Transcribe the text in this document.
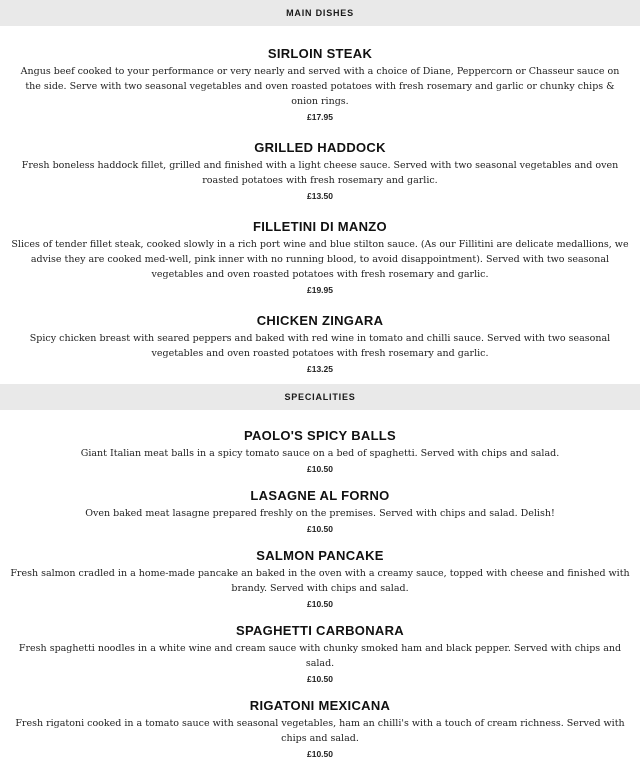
MAIN DISHES
SIRLOIN STEAK
Angus beef cooked to your performance or very nearly and served with a choice of Diane, Peppercorn or Chasseur sauce on the side. Serve with two seasonal vegetables and oven roasted potatoes with fresh rosemary and garlic or chunky chips & onion rings.
£17.95
GRILLED HADDOCK
Fresh boneless haddock fillet, grilled and finished with a light cheese sauce. Served with two seasonal vegetables and oven roasted potatoes with fresh rosemary and garlic.
£13.50
FILLETINI DI MANZO
Slices of tender fillet steak, cooked slowly in a rich port wine and blue stilton sauce. (As our Fillitini are delicate medallions, we advise they are cooked med-well, pink inner with no running blood, to avoid disappointment). Served with two seasonal vegetables and oven roasted potatoes with fresh rosemary and garlic.
£19.95
CHICKEN ZINGARA
Spicy chicken breast with seared peppers and baked with red wine in tomato and chilli sauce. Served with two seasonal vegetables and oven roasted potatoes with fresh rosemary and garlic.
£13.25
SPECIALITIES
PAOLO'S SPICY BALLS
Giant Italian meat balls in a spicy tomato sauce on a bed of spaghetti. Served with chips and salad.
£10.50
LASAGNE AL FORNO
Oven baked meat lasagne prepared freshly on the premises. Served with chips and salad. Delish!
£10.50
SALMON PANCAKE
Fresh salmon cradled in a home-made pancake an baked in the oven with a creamy sauce, topped with cheese and finished with brandy. Served with chips and salad.
£10.50
SPAGHETTI CARBONARA
Fresh spaghetti noodles in a white wine and cream sauce with chunky smoked ham and black pepper. Served with chips and salad.
£10.50
RIGATONI MEXICANA
Fresh rigatoni cooked in a tomato sauce with seasonal vegetables, ham an chilli's with a touch of cream richness. Served with chips and salad.
£10.50
